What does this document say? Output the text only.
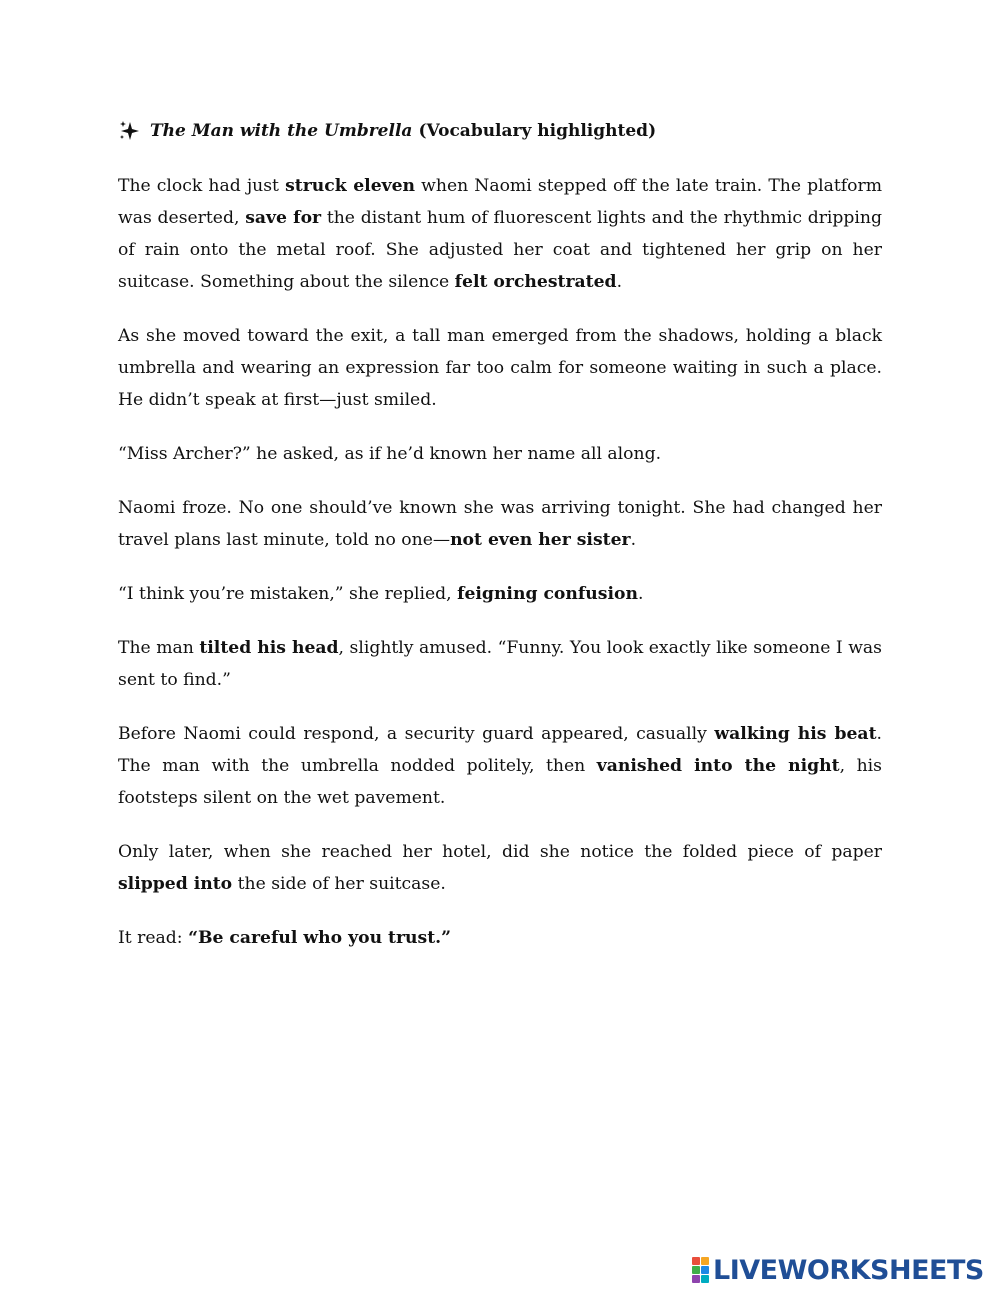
The Man with the Umbrella (Vocabulary highlighted)

The clock had just struck eleven when Naomi stepped off the late train. The platform was deserted, save for the distant hum of fluorescent lights and the rhythmic dripping of rain onto the metal roof. She adjusted her coat and tightened her grip on her suitcase. Something about the silence felt orchestrated.

As she moved toward the exit, a tall man emerged from the shadows, holding a black umbrella and wearing an expression far too calm for someone waiting in such a place. He didn’t speak at first—just smiled.

“Miss Archer?” he asked, as if he’d known her name all along.

Naomi froze. No one should’ve known she was arriving tonight. She had changed her travel plans last minute, told no one—not even her sister.

“I think you’re mistaken,” she replied, feigning confusion.

The man tilted his head, slightly amused. “Funny. You look exactly like someone I was sent to find.”

Before Naomi could respond, a security guard appeared, casually walking his beat. The man with the umbrella nodded politely, then vanished into the night, his footsteps silent on the wet pavement.

Only later, when she reached her hotel, did she notice the folded piece of paper slipped into the side of her suitcase.

It read: “Be careful who you trust.”

LIVEWORKSHEETS
